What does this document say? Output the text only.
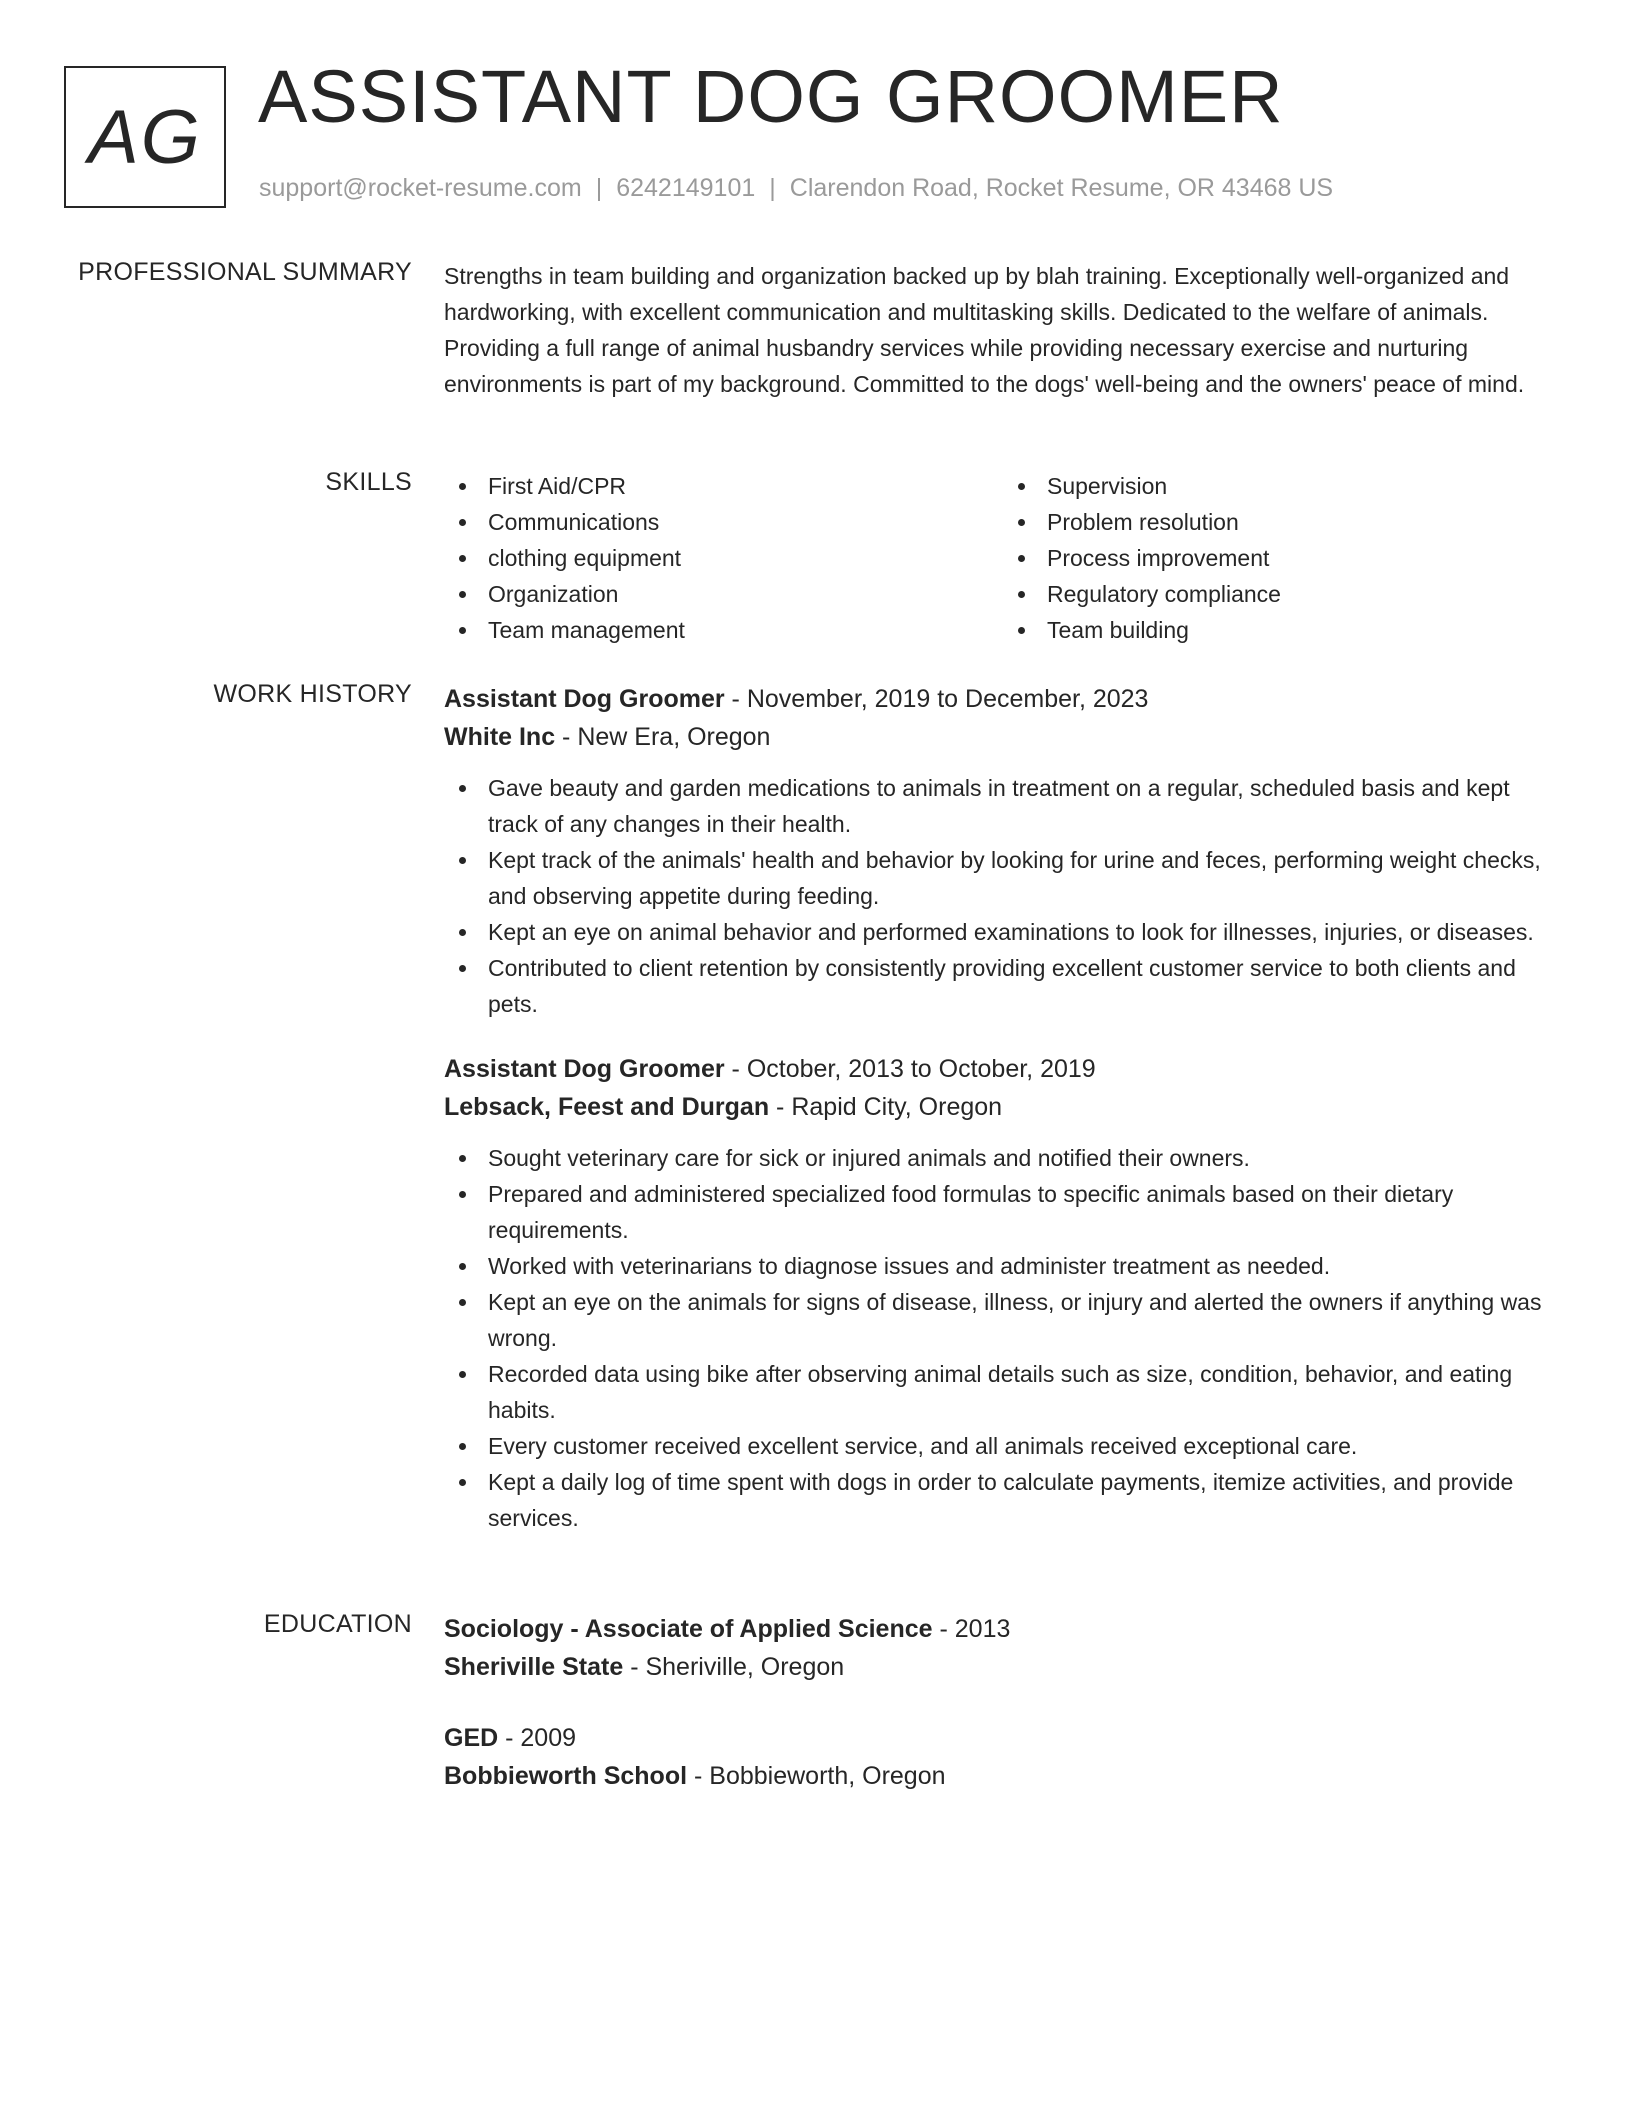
AG ASSISTANT DOG GROOMER
support@rocket-resume.com | 6242149101 | Clarendon Road, Rocket Resume, OR 43468 US
PROFESSIONAL SUMMARY Strengths in team building and organization backed up by blah training. Exceptionally well-organized and hardworking, with excellent communication and multitasking skills. Dedicated to the welfare of animals. Providing a full range of animal husbandry services while providing necessary exercise and nurturing environments is part of my background. Committed to the dogs' well-being and the owners' peace of mind.

SKILLS	First Aid/CPR
Communications
clothing equipment
Organization
Team management
Supervision
Problem resolution
Process improvement
Regulatory compliance
Team building
WORK HISTORY Assistant Dog Groomer - November, 2019 to December, 2023
White Inc - New Era, Oregon
Gave beauty and garden medications to animals in treatment on a regular, scheduled basis and kept track of any changes in their health.
Kept track of the animals' health and behavior by looking for urine and feces, performing weight checks, and observing appetite during feeding.
Kept an eye on animal behavior and performed examinations to look for illnesses, injuries, or diseases.
Contributed to client retention by consistently providing excellent customer service to both clients and pets.
Assistant Dog Groomer - October, 2013 to October, 2019
Lebsack, Feest and Durgan - Rapid City, Oregon
Sought veterinary care for sick or injured animals and notified their owners.
Prepared and administered specialized food formulas to specific animals based on their dietary requirements.
Worked with veterinarians to diagnose issues and administer treatment as needed.
Kept an eye on the animals for signs of disease, illness, or injury and alerted the owners if anything was wrong.
Recorded data using bike after observing animal details such as size, condition, behavior, and eating habits.
Every customer received excellent service, and all animals received exceptional care.
Kept a daily log of time spent with dogs in order to calculate payments, itemize activities, and provide services.
EDUCATION Sociology - Associate of Applied Science - 2013
Sheriville State - Sheriville, Oregon
GED - 2009
Bobbieworth School - Bobbieworth, Oregon
